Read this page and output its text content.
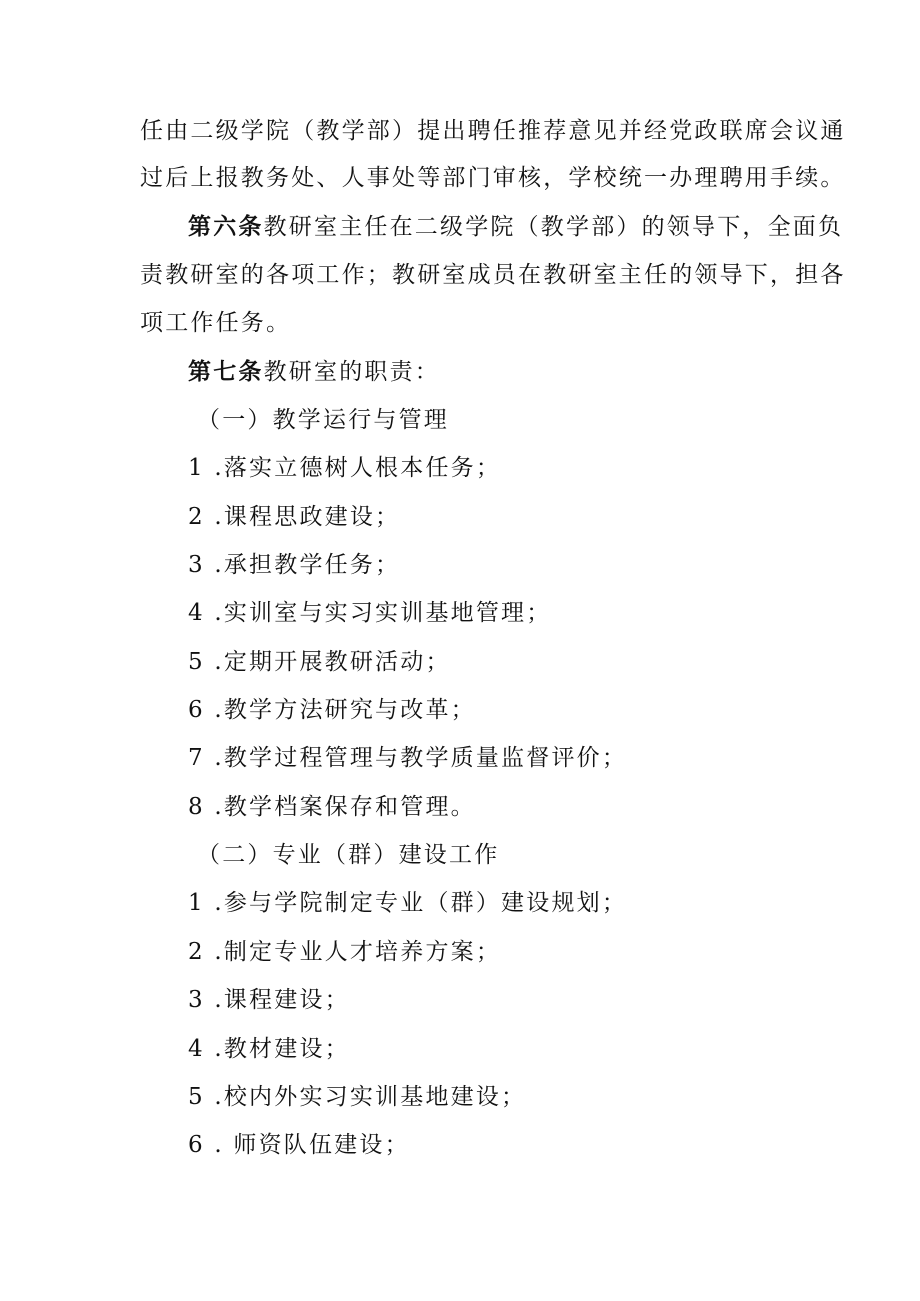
任由二级学院（教学部）提出聘任推荐意见并经党政联席会议通
过后上报教务处、人事处等部门审核，学校统一办理聘用手续。
第六条教研室主任在二级学院（教学部）的领导下，全面负
责教研室的各项工作；教研室成员在教研室主任的领导下，担各
项工作任务。
第七条教研室的职责：
（一）教学运行与管理
1 .落实立德树人根本任务；
2 .课程思政建设；
3 .承担教学任务；
4 .实训室与实习实训基地管理；
5 .定期开展教研活动；
6 .教学方法研究与改革；
7 .教学过程管理与教学质量监督评价；
8 .教学档案保存和管理。
（二）专业（群）建设工作
1 .参与学院制定专业（群）建设规划；
2 .制定专业人才培养方案；
3 .课程建设；
4 .教材建设；
5 .校内外实习实训基地建设；
6 . 师资队伍建设；
